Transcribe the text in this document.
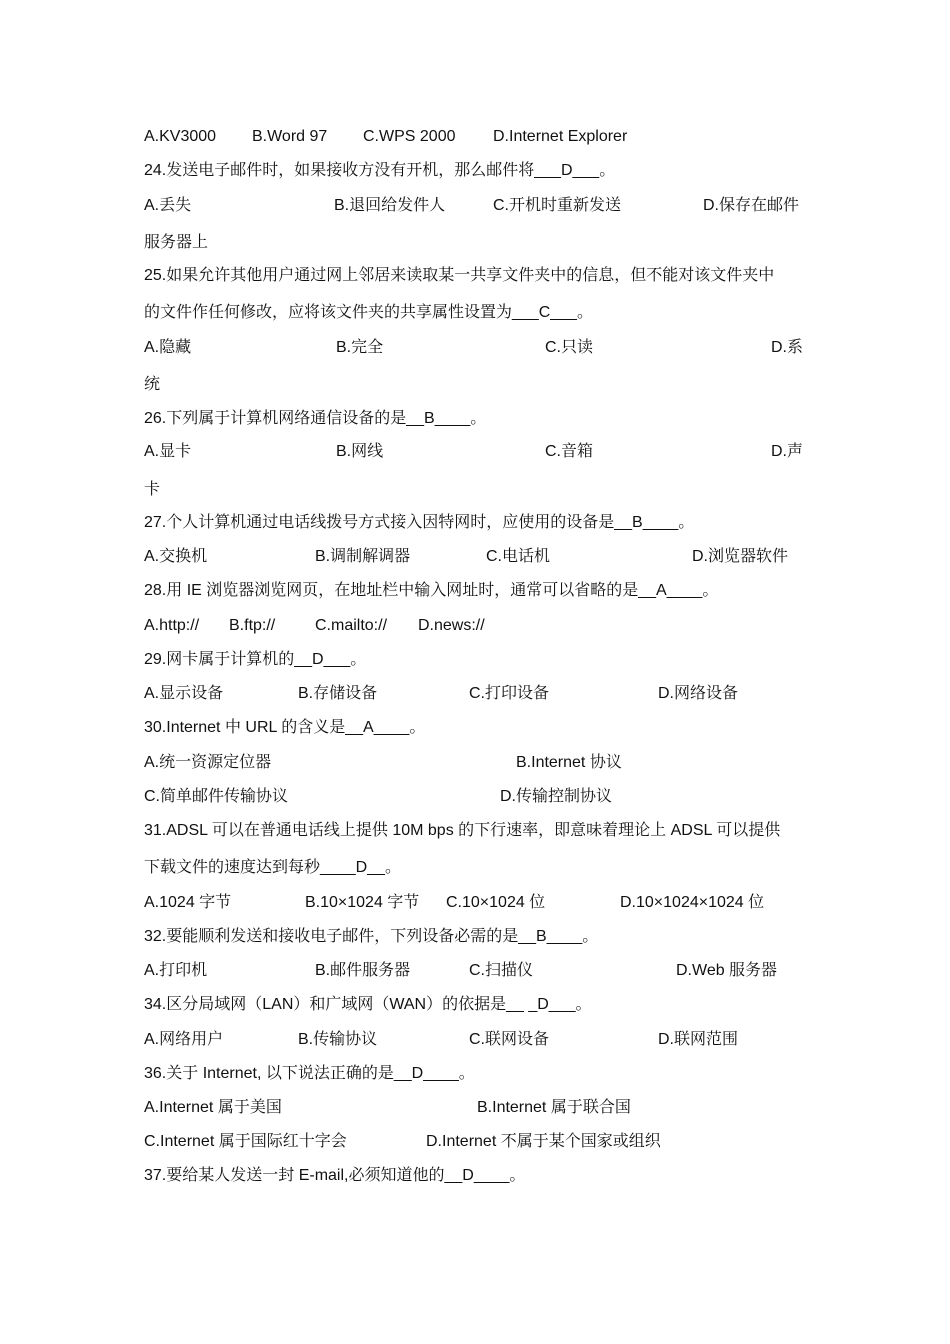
A.KV3000 B.Word 97 C.WPS 2000 D.Internet Explorer
24.发送电子邮件时，如果接收方没有开机，那么邮件将___D___。
A.丢失	B.退回给发件人	C.开机时重新发送	D.保存在邮件
服务器上
25.如果允许其他用户通过网上邻居来读取某一共享文件夹中的信息，但不能对该文件夹中
的文件作任何修改，应将该文件夹的共享属性设置为___C___。
A.隐藏	B.完全	C.只读	D.系
统
26.下列属于计算机网络通信设备的是__B____。
A.显卡	B.网线	C.音箱	D.声
卡
27.个人计算机通过电话线拨号方式接入因特网时，应使用的设备是__B____。
A.交换机	B.调制解调器	C.电话机	D.浏览器软件
28.用 IE 浏览器浏览网页，在地址栏中输入网址时，通常可以省略的是__A____。
A.http:// B.ftp:// C.mailto:// D.news://
29.网卡属于计算机的__D___。
A.显示设备	B.存储设备	C.打印设备	D.网络设备
30.Internet 中 URL 的含义是__A____。
A.统一资源定位器	B.Internet 协议
C.简单邮件传输协议	D.传输控制协议
31.ADSL 可以在普通电话线上提供 10M bps 的下行速率，即意味着理论上 ADSL 可以提供
下载文件的速度达到每秒____D__。
A.1024 字节	B.10×1024 字节 C.10×1024 位	D.10×1024×1024 位
32.要能顺利发送和接收电子邮件，下列设备必需的是__B____。
A.打印机	B.邮件服务器	C.扫描仪	D.Web 服务器
34.区分局域网（LAN）和广域网（WAN）的依据是__ _D___。
A.网络用户	B.传输协议	C.联网设备	D.联网范围
36.关于 Internet, 以下说法正确的是__D____。
A.Internet 属于美国	B.Internet 属于联合国
C.Internet 属于国际红十字会	D.Internet 不属于某个国家或组织
37.要给某人发送一封 E-mail,必须知道他的__D____。
